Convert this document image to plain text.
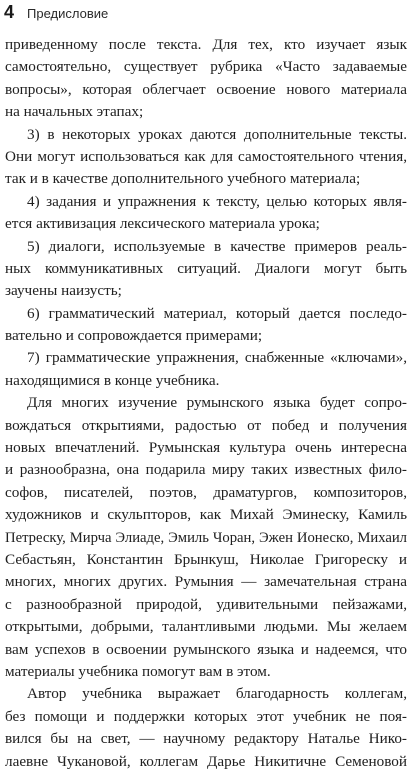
4 Предисловие
приведенному после текста. Для тех, кто изучает язык
самостоятельно, существует рубрика «Часто задаваемые
вопросы», которая облегчает освоение нового материала
на начальных этапах;
3) в некоторых уроках даются дополнительные тексты.
Они могут использоваться как для самостоятельного чтения,
так и в качестве дополнительного учебного материала;
4) задания и упражнения к тексту, целью которых явля-
ется активизация лексического материала урока;
5) диалоги, используемые в качестве примеров реаль-
ных коммуникативных ситуаций. Диалоги могут быть
заучены наизусть;
6) грамматический материал, который дается последо-
вательно и сопровождается примерами;
7) грамматические упражнения, снабженные «ключами»,
находящимися в конце учебника.
Для многих изучение румынского языка будет сопро-
вождаться открытиями, радостью от побед и получения
новых впечатлений. Румынская культура очень интересна
и разнообразна, она подарила миру таких известных фило-
софов, писателей, поэтов, драматургов, композиторов,
художников и скульпторов, как Михай Эминеску, Камиль
Петреску, Мирча Элиаде, Эмиль Чоран, Эжен Ионеско, Михаил
Себастьян, Константин Брынкуш, Николае Григореску и
многих, многих других. Румыния — замечательная страна
с разнообразной природой, удивительными пейзажами,
открытыми, добрыми, талантливыми людьми. Мы желаем
вам успехов в освоении румынского языка и надеемся, что
материалы учебника помогут вам в этом.
Автор учебника выражает благодарность коллегам,
без помощи и поддержки которых этот учебник не поя-
вился бы на свет, — научному редактору Наталье Нико-
лаевне Чукановой, коллегам Дарье Никитичне Семеновой
